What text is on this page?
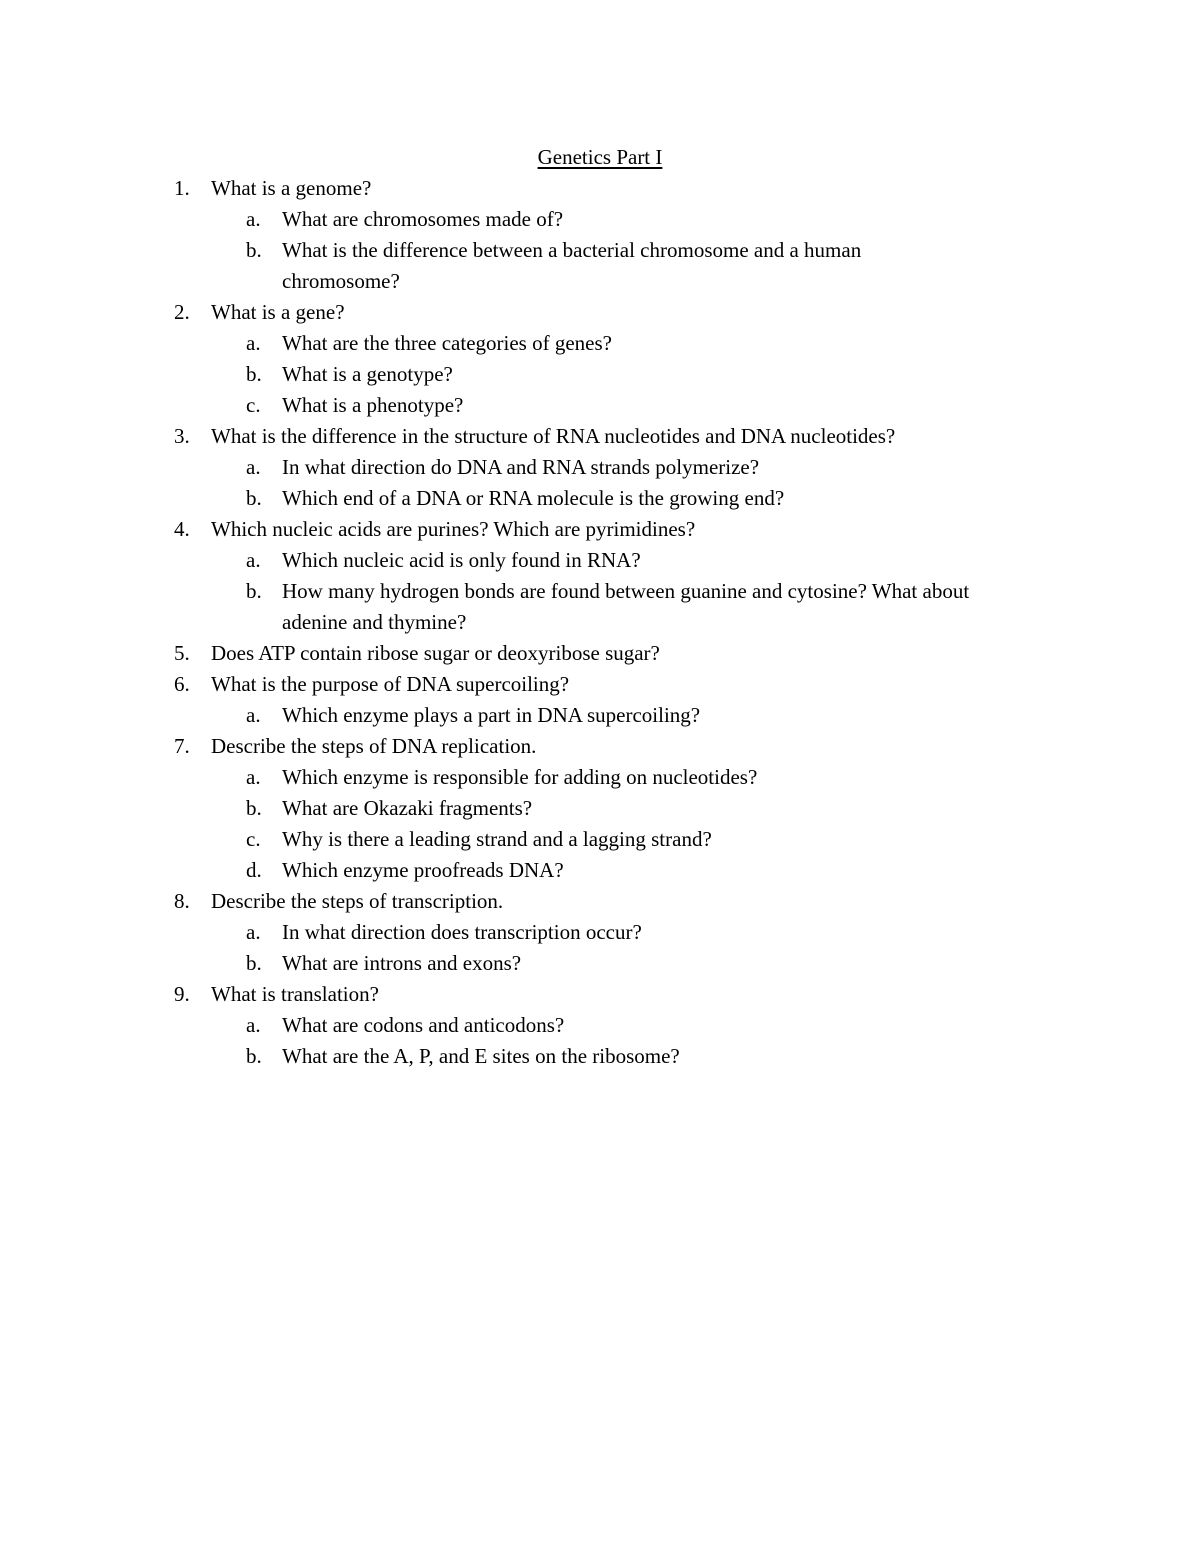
Genetics Part I
1.	What is a genome?
a.	What are chromosomes made of?
b. What is the difference between a bacterial chromosome and a human
chromosome?
2.	What is a gene?
a.	What are the three categories of genes?
b. What is a genotype?
c.	What is a phenotype?
3.	What is the difference in the structure of RNA nucleotides and DNA nucleotides?
a.	In what direction do DNA and RNA strands polymerize?
b. Which end of a DNA or RNA molecule is the growing end?
4.	Which nucleic acids are purines? Which are pyrimidines?
a.	Which nucleic acid is only found in RNA?
b. How many hydrogen bonds are found between guanine and cytosine? What about
adenine and thymine?
5.	Does ATP contain ribose sugar or deoxyribose sugar?
6.	What is the purpose of DNA supercoiling?
a.	Which enzyme plays a part in DNA supercoiling?
7.	Describe the steps of DNA replication.
a.	Which enzyme is responsible for adding on nucleotides?
b. What are Okazaki fragments?
c.	Why is there a leading strand and a lagging strand?
d. Which enzyme proofreads DNA?
8.	Describe the steps of transcription.
a.	In what direction does transcription occur?
b. What are introns and exons?
9.	What is translation?
a.	What are codons and anticodons?
b. What are the A, P, and E sites on the ribosome?
